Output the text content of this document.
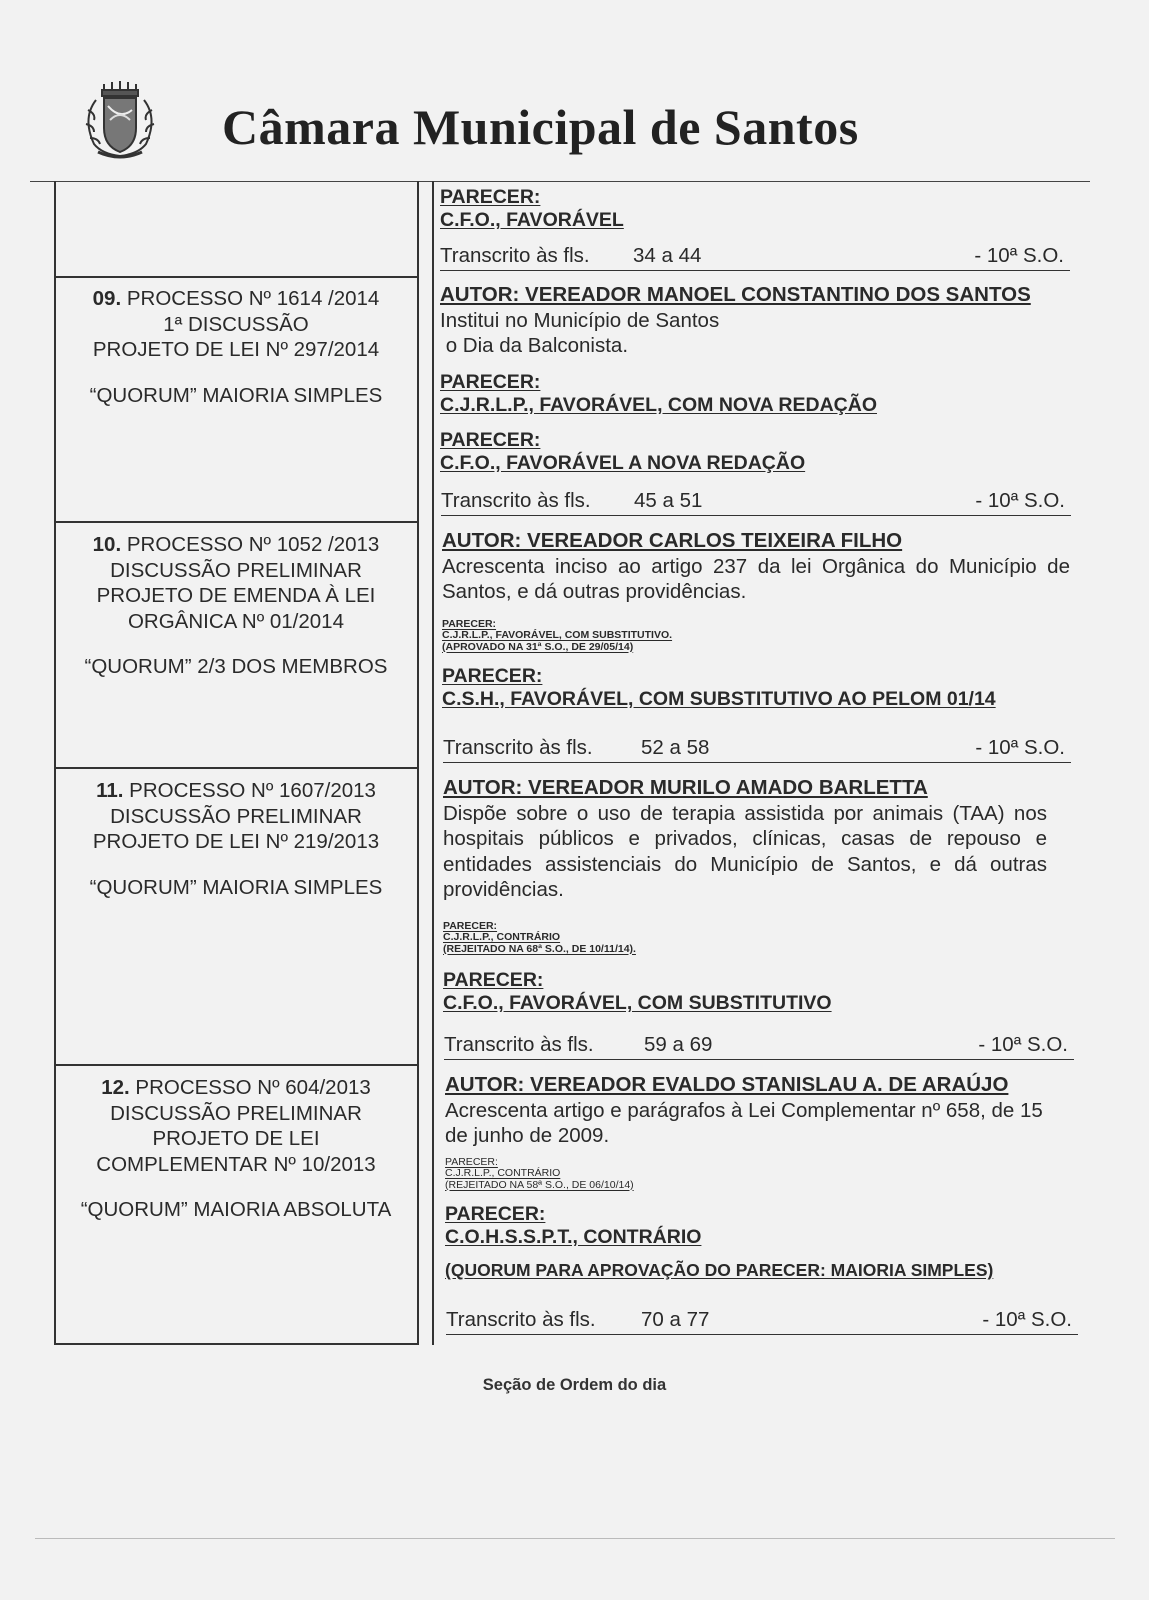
Câmara Municipal de Santos
PARECER:
C.F.O., FAVORÁVEL
Transcrito às fls. 34 a 44	- 10ª S.O.
09. PROCESSO Nº 1614 /2014
1ª DISCUSSÃO
PROJETO DE LEI Nº 297/2014
“QUORUM” MAIORIA SIMPLES
AUTOR: VEREADOR MANOEL CONSTANTINO DOS SANTOS
Institui no Município de Santos
o Dia da Balconista.
PARECER:
C.J.R.L.P., FAVORÁVEL, COM NOVA REDAÇÃO
PARECER:
C.F.O., FAVORÁVEL A NOVA REDAÇÃO
Transcrito às fls. 45 a 51	- 10ª S.O.
10. PROCESSO Nº 1052 /2013
DISCUSSÃO PRELIMINAR
PROJETO DE EMENDA À LEI
ORGÂNICA Nº 01/2014
“QUORUM” 2/3 DOS MEMBROS
AUTOR: VEREADOR CARLOS TEIXEIRA FILHO
Acrescenta inciso ao artigo 237 da lei Orgânica do Município de Santos, e dá outras providências.
PARECER:
C.J.R.L.P., FAVORÁVEL, COM SUBSTITUTIVO.
(APROVADO NA 31ª S.O., DE 29/05/14)
PARECER:
C.S.H., FAVORÁVEL, COM SUBSTITUTIVO AO PELOM 01/14
Transcrito às fls. 52 a 58	- 10ª S.O.
11. PROCESSO Nº 1607/2013
DISCUSSÃO PRELIMINAR
PROJETO DE LEI Nº 219/2013
“QUORUM” MAIORIA SIMPLES
AUTOR: VEREADOR MURILO AMADO BARLETTA
Dispõe sobre o uso de terapia assistida por animais (TAA) nos hospitais públicos e privados, clínicas, casas de repouso e entidades assistenciais do Município de Santos, e dá outras providências.
PARECER:
C.J.R.L.P., CONTRÁRIO
(REJEITADO NA 68ª S.O., DE 10/11/14).
PARECER:
C.F.O., FAVORÁVEL, COM SUBSTITUTIVO
Transcrito às fls. 59 a 69	- 10ª S.O.
12. PROCESSO Nº 604/2013
DISCUSSÃO PRELIMINAR
PROJETO DE LEI
COMPLEMENTAR Nº 10/2013
“QUORUM” MAIORIA ABSOLUTA
AUTOR: VEREADOR EVALDO STANISLAU A. DE ARAÚJO
Acrescenta artigo e parágrafos à Lei Complementar nº 658, de 15 de junho de 2009.
PARECER:
C.J.R.L.P., CONTRÁRIO
(REJEITADO NA 58ª S.O., DE 06/10/14)
PARECER:
C.O.H.S.S.P.T., CONTRÁRIO
(QUORUM PARA APROVAÇÃO DO PARECER: MAIORIA SIMPLES)
Transcrito às fls. 70 a 77	- 10ª S.O.
Seção de Ordem do dia
